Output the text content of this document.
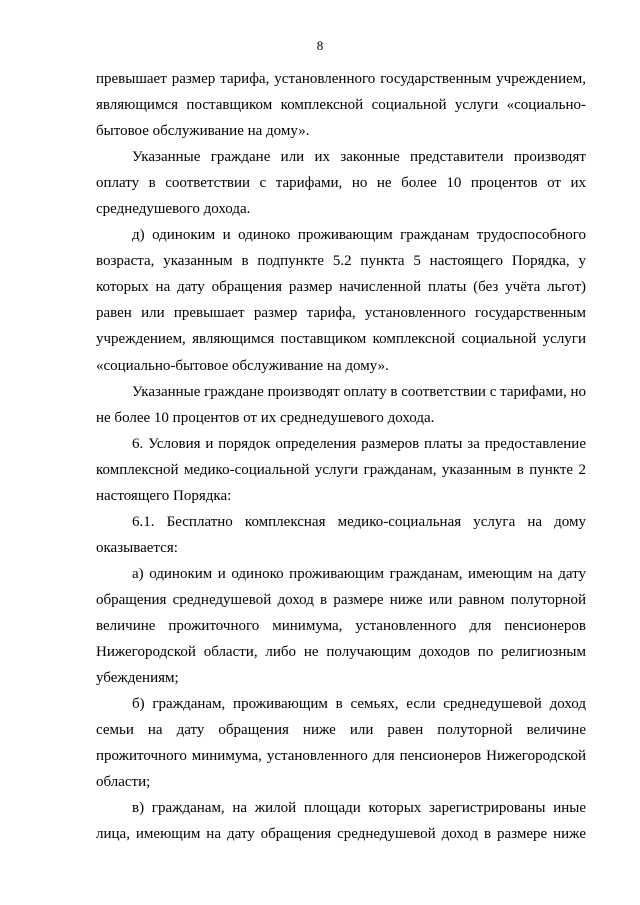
8

превышает размер тарифа, установленного государственным учреждением, являющимся поставщиком комплексной социальной услуги «социально-бытовое обслуживание на дому».

Указанные граждане или их законные представители производят оплату в соответствии с тарифами, но не более 10 процентов от их среднедушевого дохода.

д) одиноким и одиноко проживающим гражданам трудоспособного возраста, указанным в подпункте 5.2 пункта 5 настоящего Порядка, у которых на дату обращения размер начисленной платы (без учёта льгот) равен или превышает размер тарифа, установленного государственным учреждением, являющимся поставщиком комплексной социальной услуги «социально-бытовое обслуживание на дому».

Указанные граждане производят оплату в соответствии с тарифами, но не более 10 процентов от их среднедушевого дохода.

6. Условия и порядок определения размеров платы за предоставление комплексной медико-социальной услуги гражданам, указанным в пункте 2 настоящего Порядка:

6.1. Бесплатно комплексная медико-социальная услуга на дому оказывается:

а) одиноким и одиноко проживающим гражданам, имеющим на дату обращения среднедушевой доход в размере ниже или равном полуторной величине прожиточного минимума, установленного для пенсионеров Нижегородской области, либо не получающим доходов по религиозным убеждениям;

б) гражданам, проживающим в семьях, если среднедушевой доход семьи на дату обращения ниже или равен полуторной величине прожиточного минимума, установленного для пенсионеров Нижегородской области;

в) гражданам, на жилой площади которых зарегистрированы иные лица, имеющим на дату обращения среднедушевой доход в размере ниже
